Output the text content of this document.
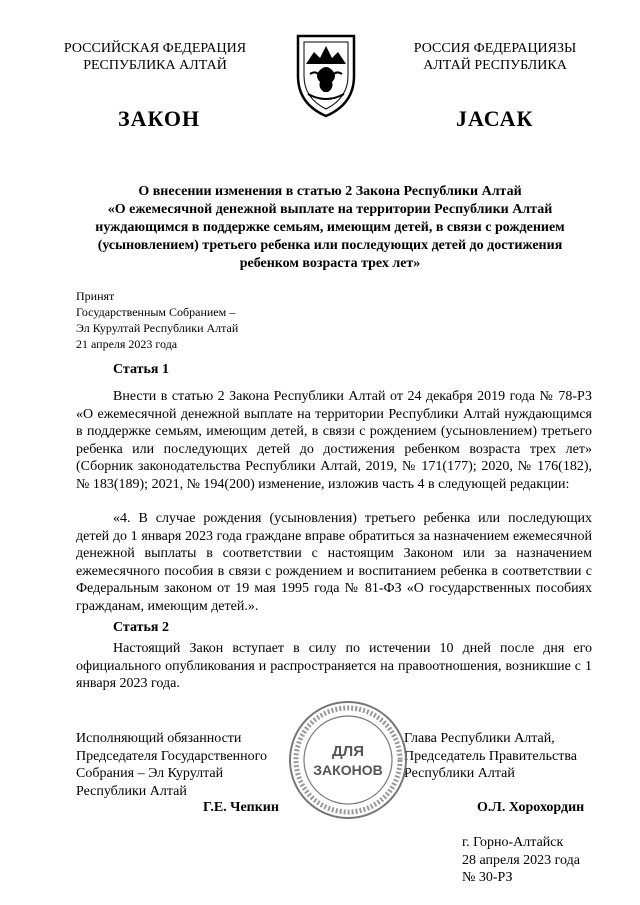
РОССИЙСКАЯ ФЕДЕРАЦИЯ
РЕСПУБЛИКА АЛТАЙ
РОССИЯ ФЕДЕРАЦИЯЗЫ
АЛТАЙ РЕСПУБЛИКА
ЗАКОН	ЈАСАК
О внесении изменения в статью 2 Закона Республики Алтай
«О ежемесячной денежной выплате на территории Республики Алтай
нуждающимся в поддержке семьям, имеющим детей, в связи с рождением
(усыновлением) третьего ребенка или последующих детей до достижения
ребенком возраста трех лет»
Принят
Государственным Собранием –
Эл Курултай Республики Алтай
21 апреля 2023 года
Статья 1

Внести в статью 2 Закона Республики Алтай от 24 декабря 2019 года № 78-РЗ «О ежемесячной денежной выплате на территории Республики Алтай нуждающимся в поддержке семьям, имеющим детей, в связи с рождением (усыновлением) третьего ребенка или последующих детей до достижения ребенком возраста трех лет» (Сборник законодательства Республики Алтай, 2019, № 171(177); 2020, № 176(182), № 183(189); 2021, № 194(200) изменение, изложив часть 4 в следующей редакции:

«4. В случае рождения (усыновления) третьего ребенка или последующих детей до 1 января 2023 года граждане вправе обратиться за назначением ежемесячной денежной выплаты в соответствии с настоящим Законом или за назначением ежемесячного пособия в связи с рождением и воспитанием ребенка в соответствии с Федеральным законом от 19 мая 1995 года № 81-ФЗ «О государственных пособиях гражданам, имеющим детей.».

Статья 2

Настоящий Закон вступает в силу по истечении 10 дней после дня его официального опубликования и распространяется на правоотношения, возникшие с 1 января 2023 года.

Исполняющий обязанности
Председателя Государственного
Собрания – Эл Курултай
Республики Алтай
Г.Е. Чепкин
Глава Республики Алтай,
Председатель Правительства
Республики Алтай
О.Л. Хорохордин
ДЛЯ
ЗАКОНОВ
г. Горно-Алтайск
28 апреля 2023 года
№ 30-РЗ
